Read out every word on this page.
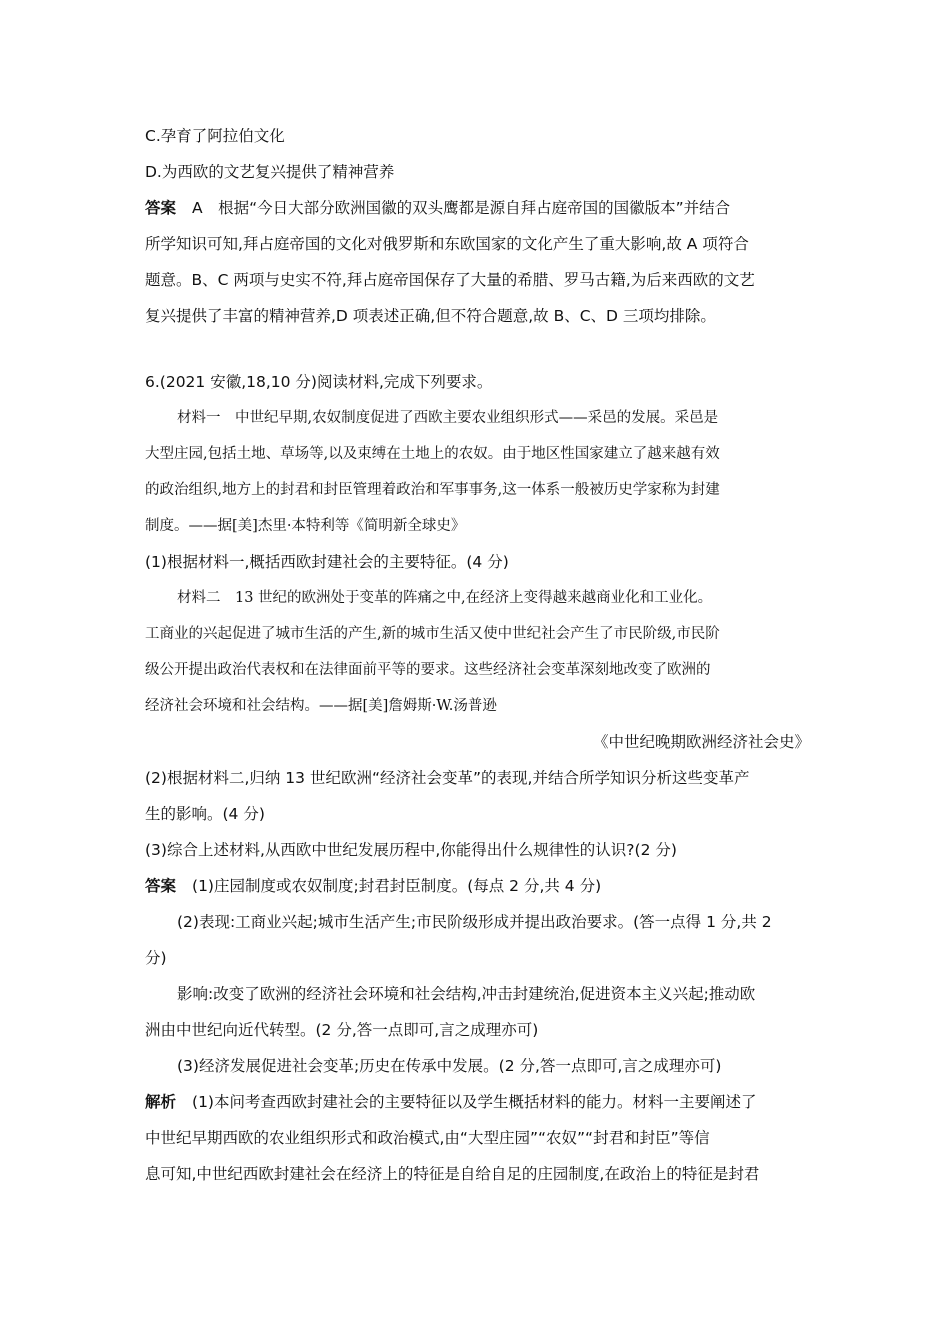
C.孕育了阿拉伯文化
D.为西欧的文艺复兴提供了精神营养
答案 A　根据“今日大部分欧洲国徽的双头鹰都是源自拜占庭帝国的国徽版本”并结合
所学知识可知,拜占庭帝国的文化对俄罗斯和东欧国家的文化产生了重大影响,故 A 项符合
题意。B、C 两项与史实不符,拜占庭帝国保存了大量的希腊、罗马古籍,为后来西欧的文艺
复兴提供了丰富的精神营养,D 项表述正确,但不符合题意,故 B、C、D 三项均排除。
6.(2021 安徽,18,10 分)阅读材料,完成下列要求。
材料一　中世纪早期,农奴制度促进了西欧主要农业组织形式——采邑的发展。采邑是
大型庄园,包括土地、草场等,以及束缚在土地上的农奴。由于地区性国家建立了越来越有效
的政治组织,地方上的封君和封臣管理着政治和军事事务,这一体系一般被历史学家称为封建
制度。——据[美]杰里·本特利等《简明新全球史》
(1)根据材料一,概括西欧封建社会的主要特征。(4 分)
材料二　13 世纪的欧洲处于变革的阵痛之中,在经济上变得越来越商业化和工业化。
工商业的兴起促进了城市生活的产生,新的城市生活又使中世纪社会产生了市民阶级,市民阶
级公开提出政治代表权和在法律面前平等的要求。这些经济社会变革深刻地改变了欧洲的
经济社会环境和社会结构。——据[美]詹姆斯·W.汤普逊
《中世纪晚期欧洲经济社会史》
(2)根据材料二,归纳 13 世纪欧洲“经济社会变革”的表现,并结合所学知识分析这些变革产
生的影响。(4 分)
(3)综合上述材料,从西欧中世纪发展历程中,你能得出什么规律性的认识?(2 分)
答案 (1)庄园制度或农奴制度;封君封臣制度。(每点 2 分,共 4 分)
(2)表现:工商业兴起;城市生活产生;市民阶级形成并提出政治要求。(答一点得 1 分,共 2
分)
影响:改变了欧洲的经济社会环境和社会结构,冲击封建统治,促进资本主义兴起;推动欧
洲由中世纪向近代转型。(2 分,答一点即可,言之成理亦可)
(3)经济发展促进社会变革;历史在传承中发展。(2 分,答一点即可,言之成理亦可)
解析 (1)本问考查西欧封建社会的主要特征以及学生概括材料的能力。材料一主要阐述了
中世纪早期西欧的农业组织形式和政治模式,由“大型庄园”“农奴”“封君和封臣”等信
息可知,中世纪西欧封建社会在经济上的特征是自给自足的庄园制度,在政治上的特征是封君
